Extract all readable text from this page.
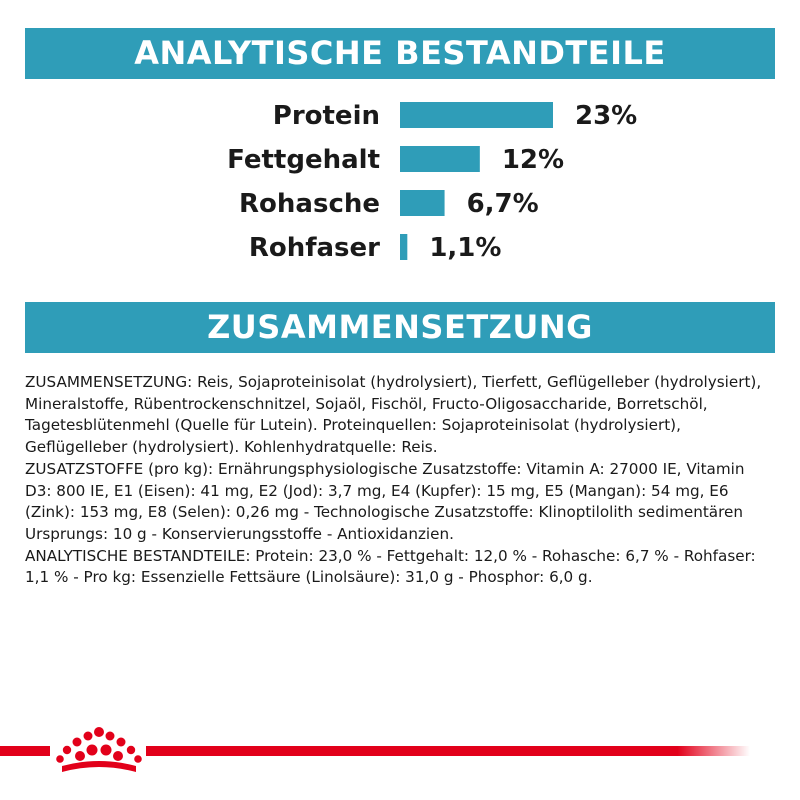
ANALYTISCHE BESTANDTEILE
Protein	23%
Fettgehalt	12%
Rohasche	6,7%
Rohfaser 1,1%
ZUSAMMENSETZUNG

ZUSAMMENSETZUNG: Reis, Sojaproteinisolat (hydrolysiert), Tierfett, Geflügelleber (hydrolysiert), Mineralstoffe, Rübentrockenschnitzel, Sojaöl, Fischöl, Fructo-Oligosaccharide, Borretschöl, Tagetesblütenmehl (Quelle für Lutein). Proteinquellen: Sojaproteinisolat (hydrolysiert), Geflügelleber (hydrolysiert). Kohlenhydratquelle: Reis.

ZUSATZSTOFFE (pro kg): Ernährungsphysiologische Zusatzstoffe: Vitamin A: 27000 IE, Vitamin D3: 800 IE, E1 (Eisen): 41 mg, E2 (Jod): 3,7 mg, E4 (Kupfer): 15 mg, E5 (Mangan): 54 mg, E6 (Zink): 153 mg, E8 (Selen): 0,26 mg - Technologische Zusatzstoffe: Klinoptilolith sedimentären Ursprungs: 10 g - Konservierungsstoffe - Antioxidanzien.

ANALYTISCHE BESTANDTEILE: Protein: 23,0 % - Fettgehalt: 12,0 % - Rohasche: 6,7 % - Rohfaser: 1,1 % - Pro kg: Essenzielle Fettsäure (Linolsäure): 31,0 g - Phosphor: 6,0 g.
